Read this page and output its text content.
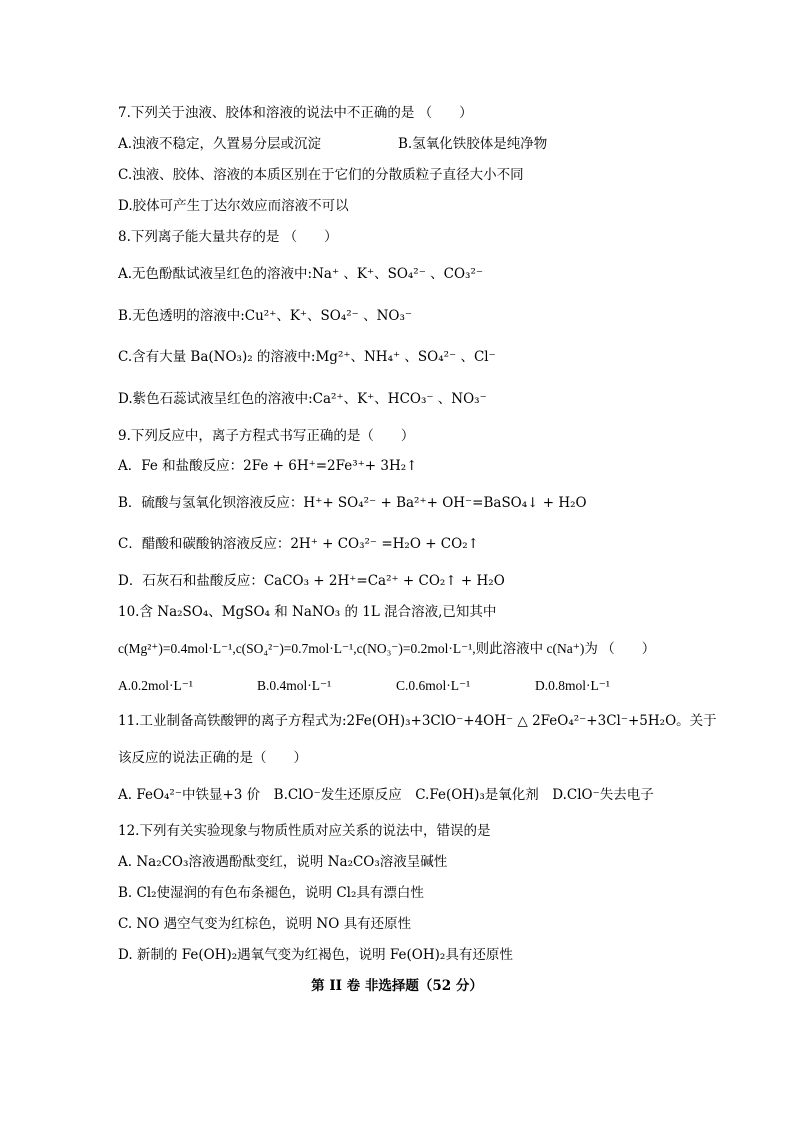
7.下列关于浊液、胶体和溶液的说法中不正确的是 （　　）
A.浊液不稳定，久置易分层或沉淀	B.氢氧化铁胶体是纯净物
C.浊液、胶体、溶液的本质区别在于它们的分散质粒子直径大小不同
D.胶体可产生丁达尔效应而溶液不可以
8.下列离子能大量共存的是 （　　）
A.无色酚酞试液呈红色的溶液中:Na⁺ 、K⁺、SO₄²⁻ 、CO₃²⁻
B.无色透明的溶液中:Cu²⁺、K⁺、SO₄²⁻ 、NO₃⁻
C.含有大量 Ba(NO₃)₂ 的溶液中:Mg²⁺、NH₄⁺ 、SO₄²⁻ 、Cl⁻
D.紫色石蕊试液呈红色的溶液中:Ca²⁺、K⁺、HCO₃⁻ 、NO₃⁻
9.下列反应中，离子方程式书写正确的是（　　）
A．Fe 和盐酸反应：2Fe + 6H⁺=2Fe³⁺+ 3H₂↑
B．硫酸与氢氧化钡溶液反应：H⁺+ SO₄²⁻ + Ba²⁺+ OH⁻=BaSO₄↓ + H₂O
C．醋酸和碳酸钠溶液反应：2H⁺ + CO₃²⁻ =H₂O + CO₂↑
D．石灰石和盐酸反应：CaCO₃ + 2H⁺=Ca²⁺ + CO₂↑ + H₂O
10.含 Na₂SO₄、MgSO₄ 和 NaNO₃ 的 1L 混合溶液,已知其中
c(Mg²⁺)=0.4mol·L⁻¹,c(SO₄²⁻)=0.7mol·L⁻¹,c(NO₃⁻)=0.2mol·L⁻¹,则此溶液中 c(Na⁺)为 （　　）
A.0.2mol·L⁻¹	B.0.4mol·L⁻¹	C.0.6mol·L⁻¹	D.0.8mol·L⁻¹
11.工业制备高铁酸钾的离子方程式为:2Fe(OH)₃+3ClO⁻+4OH⁻ △ 2FeO₄²⁻+3Cl⁻+5H₂O。关于
该反应的说法正确的是（　　）
A. FeO₄²⁻中铁显+3 价　B.ClO⁻发生还原反应　C.Fe(OH)₃是氧化剂　D.ClO⁻失去电子
12.下列有关实验现象与物质性质对应关系的说法中，错误的是
A. Na₂CO₃溶液遇酚酞变红，说明 Na₂CO₃溶液呈碱性
B. Cl₂使湿润的有色布条褪色，说明 Cl₂具有漂白性
C. NO 遇空气变为红棕色，说明 NO 具有还原性
D. 新制的 Fe(OH)₂遇氧气变为红褐色，说明 Fe(OH)₂具有还原性
第 II 卷 非选择题（52 分）
